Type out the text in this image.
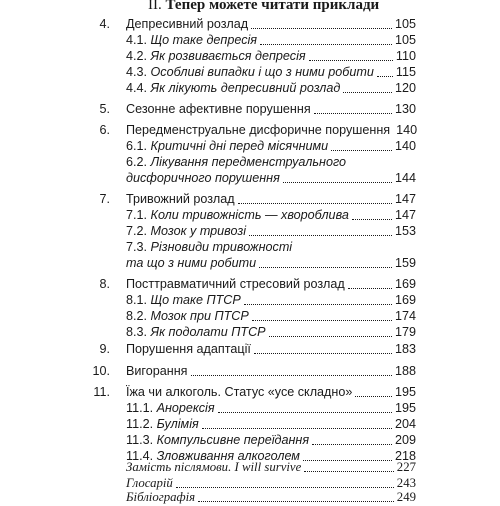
II. Тепер можете читати приклади
4. Депресивний розлад	105
4.1. Що таке депресія	105
4.2. Як розвивається депресія	110
4.3. Особливі випадки і що з ними робити 115
4.4. Як лікують депресивний розлад	120
5. Сезонне афективне порушення	130
6. Передменструальне дисфоричне порушення 140
6.1. Критичні дні перед місячними	140
6.2. Лікування передменструального
дисфоричного порушення	144
7. Тривожний розлад	147
7.1. Коли тривожність — хвороблива	147
7.2. Мозок у тривозі	153
7.3. Різновиди тривожності
та що з ними робити	159
8. Посттравматичний стресовий розлад	169
8.1. Що таке ПТСР	169
8.2. Мозок при ПТСР	174
8.3. Як подолати ПТСР	179
9. Порушення адаптації	183
10. Вигорання	188
11. Їжа чи алкоголь. Статус «усе складно»	195
11.1. Анорексія	195
11.2. Булімія	204
11.3. Компульсивне переїдання	209
11.4. Зловживання алкоголем	218
Замість післямови. I will survive	227
Глосарій	243
Бібліографія	249
